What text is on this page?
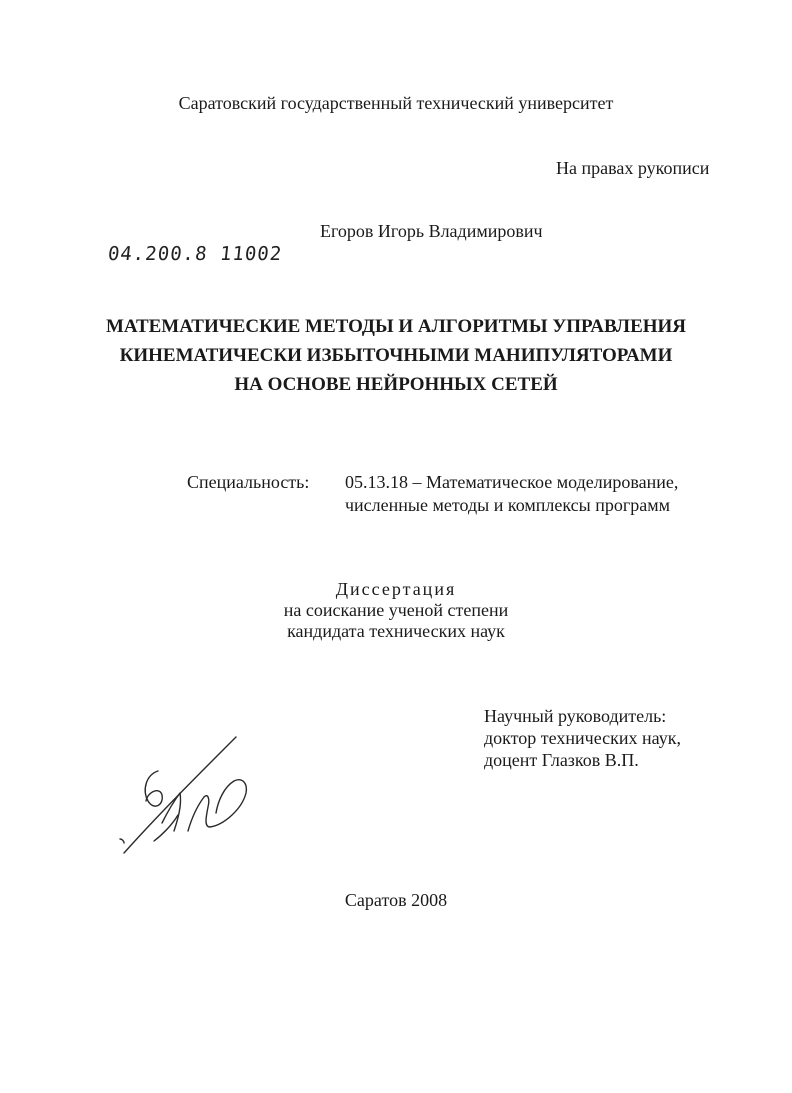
Саратовский государственный технический университет
На правах рукописи
Егоров Игорь Владимирович
04.200.8 11002
МАТЕМАТИЧЕСКИЕ МЕТОДЫ И АЛГОРИТМЫ УПРАВЛЕНИЯ
КИНЕМАТИЧЕСКИ ИЗБЫТОЧНЫМИ МАНИПУЛЯТОРАМИ
НА ОСНОВЕ НЕЙРОННЫХ СЕТЕЙ
Специальность: 05.13.18 – Математическое моделирование,
численные методы и комплексы программ
Диссертация
на соискание ученой степени
кандидата технических наук
Научный руководитель:
доктор технических наук,
доцент Глазков В.П.
Саратов 2008
